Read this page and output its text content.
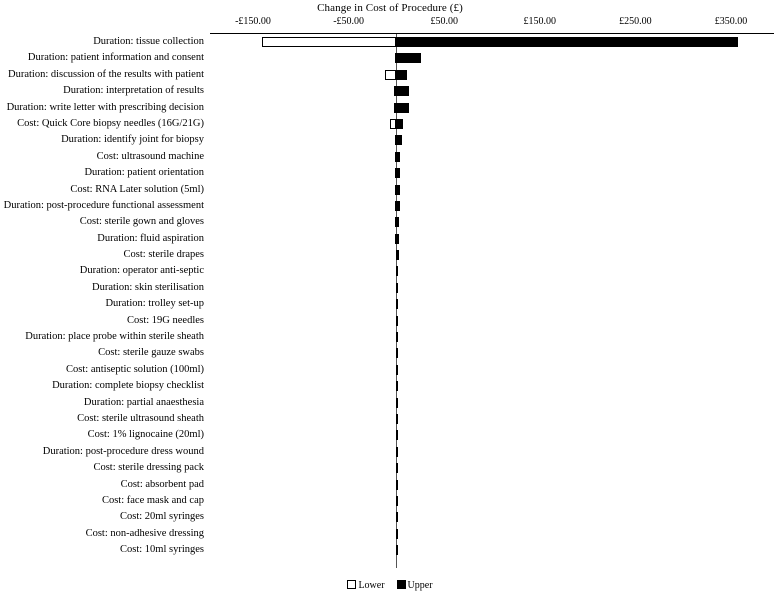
Change in Cost of Procedure (£)
-£150.00	-£50.00	£50.00	£150.00	£250.00	£350.00
Duration: tissue collection
Duration: patient information and consent
Duration: discussion of the results with patient
Duration: interpretation of results
Duration: write letter with prescribing decision
Cost: Quick Core biopsy needles (16G/21G)
Duration: identify joint for biopsy
Cost: ultrasound machine
Duration: patient orientation
Cost: RNA Later solution (5ml)
Duration: post-procedure functional assessment
Cost: sterile gown and gloves
Duration: fluid aspiration
Cost: sterile drapes
Duration: operator anti-septic
Duration: skin sterilisation
Duration: trolley set-up
Cost: 19G needles
Duration: place probe within sterile sheath
Cost: sterile gauze swabs
Cost: antiseptic solution (100ml)
Duration: complete biopsy checklist
Duration: partial anaesthesia
Cost: sterile ultrasound sheath
Cost: 1% lignocaine (20ml)
Duration: post-procedure dress wound
Cost: sterile dressing pack
Cost: absorbent pad
Cost: face mask and cap
Cost: 20ml syringes
Cost: non-adhesive dressing
Cost: 10ml syringes
Lower Upper
